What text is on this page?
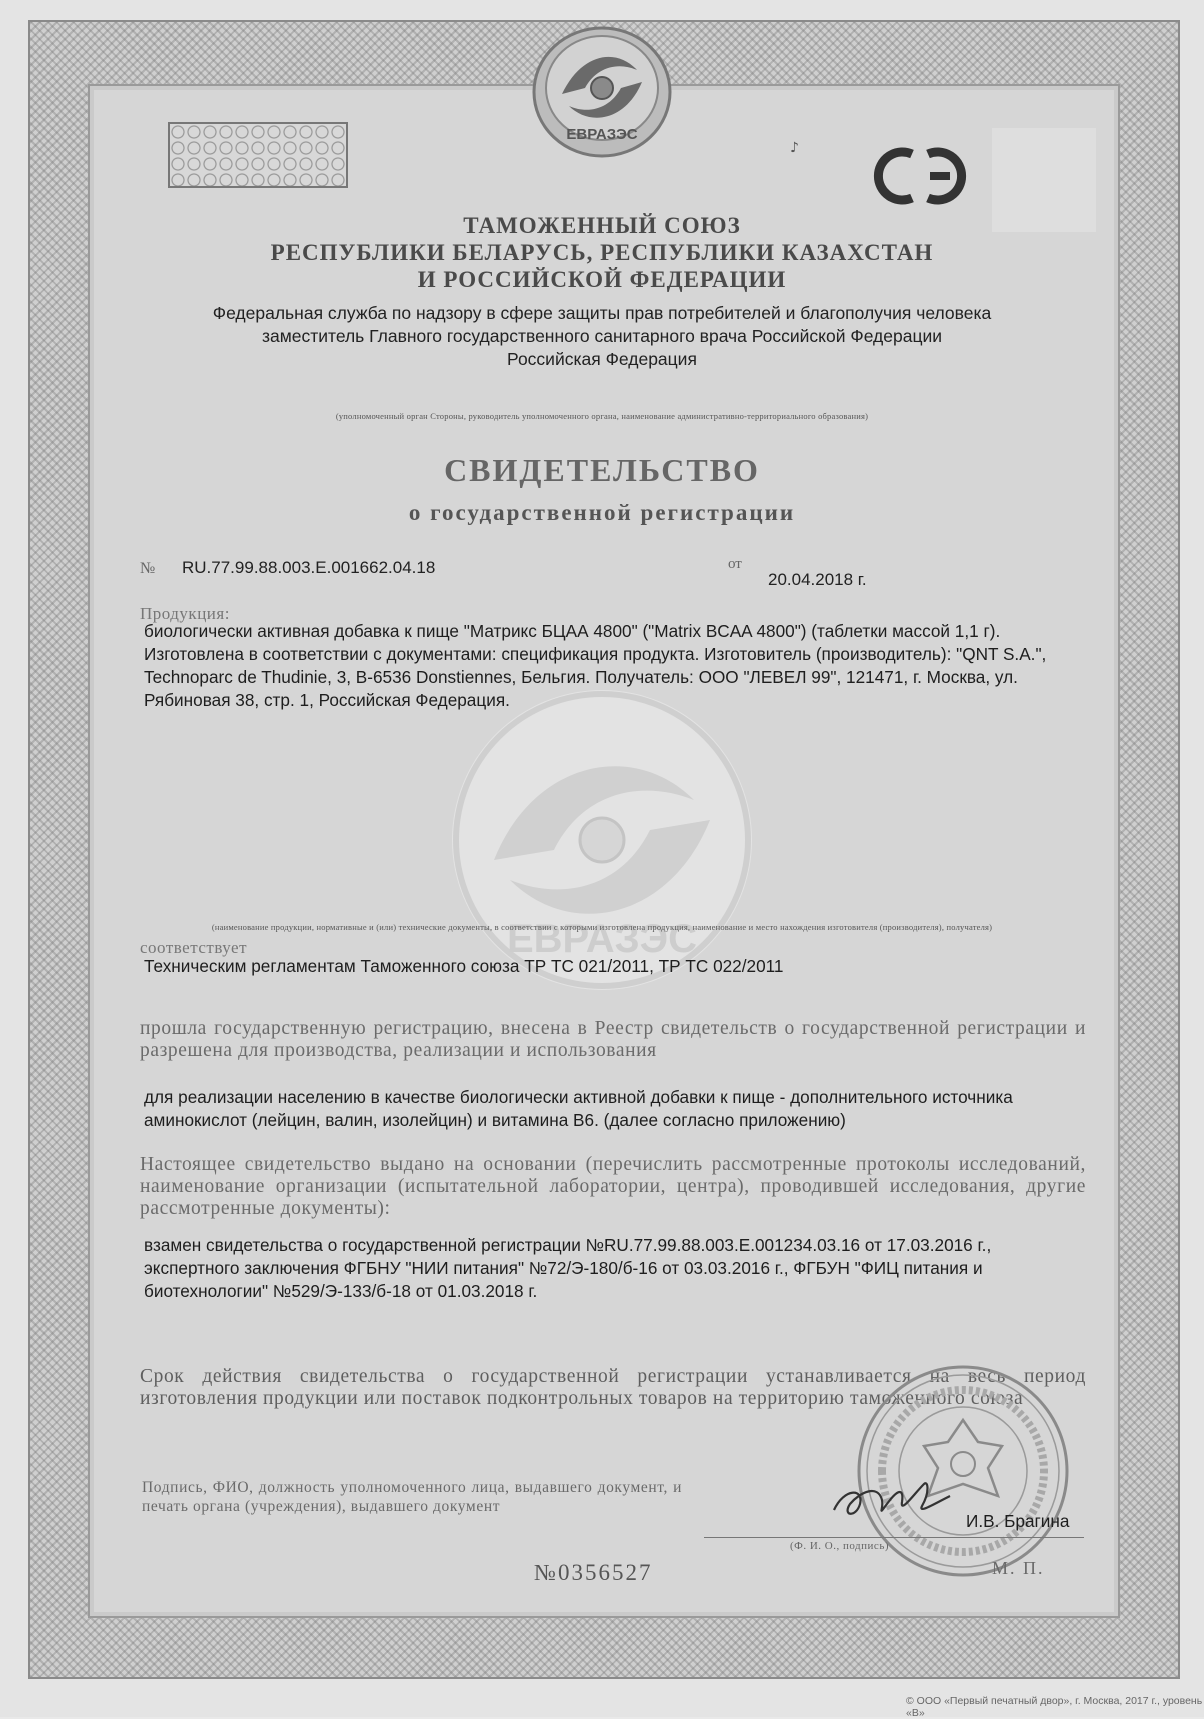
ЕВРАЗЭС
♪
ТАМОЖЕННЫЙ СОЮЗ
РЕСПУБЛИКИ БЕЛАРУСЬ, РЕСПУБЛИКИ КАЗАХСТАН
И РОССИЙСКОЙ ФЕДЕРАЦИИ
Федеральная служба по надзору в сфере защиты прав потребителей и благополучия человека
заместитель Главного государственного санитарного врача Российской Федерации
Российская Федерация
(уполномоченный орган Стороны, руководитель уполномоченного органа, наименование административно-территориального образования)
СВИДЕТЕЛЬСТВО
о государственной регистрации
№ RU.77.99.88.003.Е.001662.04.18	от
20.04.2018 г.
Продукция:
биологически активная добавка к пище "Матрикс БЦАА 4800" ("Matrix BCAA 4800") (таблетки массой 1,1 г). Изготовлена в соответствии с документами: спецификация продукта. Изготовитель (производитель): "QNT S.A.", Technoparc de Thudinie, 3, B-6536 Donstiennes, Бельгия. Получатель: ООО "ЛЕВЕЛ 99", 121471, г. Москва, ул. Рябиновая 38, стр. 1, Российская Федерация.
ЕВРАЗЭС
(наименование продукции, нормативные и (или) технические документы, в соответствии с которыми изготовлена продукция, наименование и место нахождения изготовителя (производителя), получателя)
соответствует
Техническим регламентам Таможенного союза ТР ТС 021/2011, ТР ТС 022/2011
прошла государственную регистрацию, внесена в Реестр свидетельств о государственной регистрации и разрешена для производства, реализации и использования
для реализации населению в качестве биологически активной добавки к пище - дополнительного источника аминокислот (лейцин, валин, изолейцин) и витамина В6. (далее согласно приложению)
Настоящее свидетельство выдано на основании (перечислить рассмотренные протоколы исследований, наименование организации (испытательной лаборатории, центра), проводившей исследования, другие рассмотренные документы):
взамен свидетельства о государственной регистрации №RU.77.99.88.003.Е.001234.03.16 от 17.03.2016 г., экспертного заключения ФГБНУ "НИИ питания" №72/Э-180/б-16 от 03.03.2016 г., ФГБУН "ФИЦ питания и биотехнологии" №529/Э-133/б-18 от 01.03.2018 г.
Срок действия свидетельства о государственной регистрации устанавливается на весь период изготовления продукции или поставок подконтрольных товаров на территорию таможенного союза
Подпись, ФИО, должность уполномоченного лица, выдавшего документ, и печать органа (учреждения), выдавшего документ
И.В. Брагина
(Ф. И. О., подпись)
М. П.
№0356527
© ООО «Первый печатный двор», г. Москва, 2017 г., уровень «В»
